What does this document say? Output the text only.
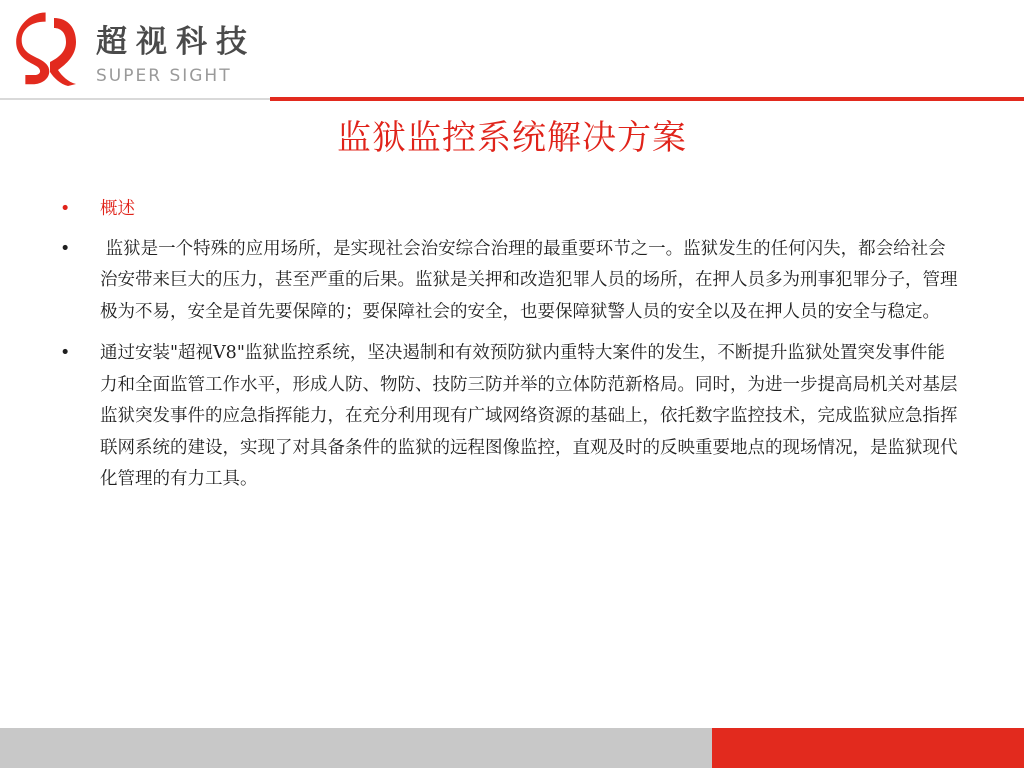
超视科技
SUPER SIGHT
监狱监控系统解决方案
• 概述
• 监狱是一个特殊的应用场所，是实现社会治安综合治理的最重要环节之一。监狱发生的任何闪失，都会给社会治安带来巨大的压力，甚至严重的后果。监狱是关押和改造犯罪人员的场所，在押人员多为刑事犯罪分子，管理极为不易，安全是首先要保障的；要保障社会的安全，也要保障狱警人员的安全以及在押人员的安全与稳定。
• 通过安装"超视V8"监狱监控系统，坚决遏制和有效预防狱内重特大案件的发生，不断提升监狱处置突发事件能力和全面监管工作水平，形成人防、物防、技防三防并举的立体防范新格局。同时，为进一步提高局机关对基层监狱突发事件的应急指挥能力，在充分利用现有广域网络资源的基础上，依托数字监控技术，完成监狱应急指挥联网系统的建设，实现了对具备条件的监狱的远程图像监控，直观及时的反映重要地点的现场情况，是监狱现代化管理的有力工具。
